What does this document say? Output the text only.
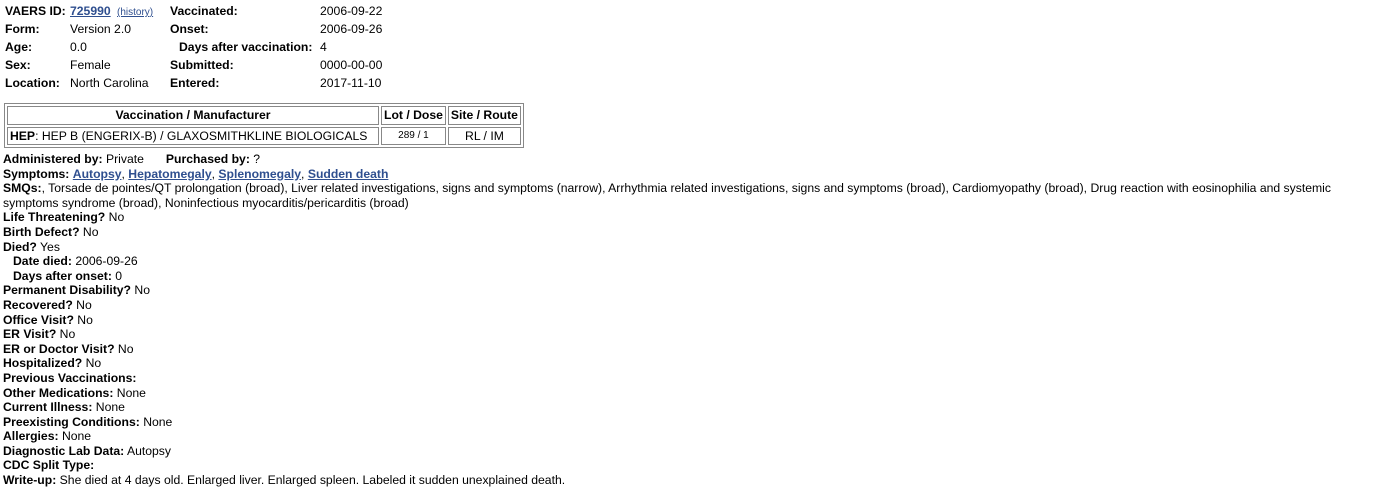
VAERS ID: 725990 (history) Vaccinated:	2006-09-22
Form: Version 2.0	Onset:	2006-09-26
Age:	0.0	Days after vaccination: 4
Sex:	Female	Submitted:	0000-00-00
Location: North Carolina Entered:	2017-11-10
Vaccination / Manufacturer	Lot / Dose	Site / Route
HEP: HEP B (ENGERIX-B) / GLAXOSMITHKLINE BIOLOGICALS	289 / 1	RL / IM
Administered by: Private Purchased by: ?
Symptoms: Autopsy, Hepatomegaly, Splenomegaly, Sudden death
SMQs:, Torsade de pointes/QT prolongation (broad), Liver related investigations, signs and symptoms (narrow), Arrhythmia related investigations, signs and symptoms (broad), Cardiomyopathy (broad), Drug reaction with eosinophilia and systemic symptoms syndrome (broad), Noninfectious myocarditis/pericarditis (broad)
Life Threatening? No
Birth Defect? No
Died? Yes
Date died: 2006-09-26
Days after onset: 0
Permanent Disability? No
Recovered? No
Office Visit? No
ER Visit? No
ER or Doctor Visit? No
Hospitalized? No
Previous Vaccinations:
Other Medications: None
Current Illness: None
Preexisting Conditions: None
Allergies: None
Diagnostic Lab Data: Autopsy
CDC Split Type:
Write-up: She died at 4 days old. Enlarged liver. Enlarged spleen. Labeled it sudden unexplained death.
